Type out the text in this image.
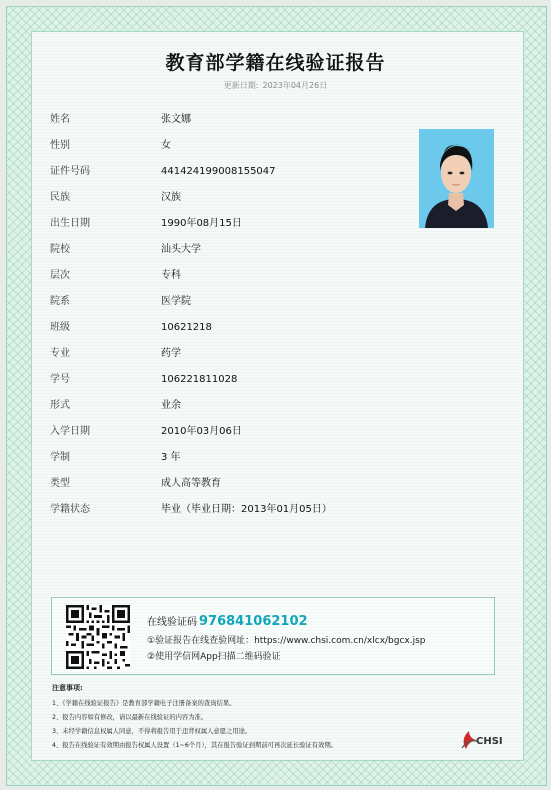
教育部学籍在线验证报告
更新日期: 2023年04月26日
姓名	张文娜
性别	女
证件号码	441424199008155047
民族	汉族
出生日期	1990年08月15日
院校	汕头大学
层次	专科
院系	医学院
班级	10621218
专业	药学
学号	106221811028
形式	业余
入学日期	2010年03月06日
学制	3 年
类型	成人高等教育
学籍状态	毕业（毕业日期：2013年01月05日）
在线验证码 976841062102
①验证报告在线查验网址：https://www.chsi.com.cn/xlcx/bgcx.jsp
②使用学信网App扫描二维码验证
注意事项:
1、《学籍在线验证报告》是教育部学籍电子注册备案的查询结果。
2、报告内容如有修改，请以最新在线验证的内容为准。
3、未经学籍信息权属人同意，不得将报告用于违背权属人意愿之用途。
4、报告在线验证有效期由报告权属人设置（1~6个月），其在报告验证到期前可再次延长验证有效期。	CHSI
